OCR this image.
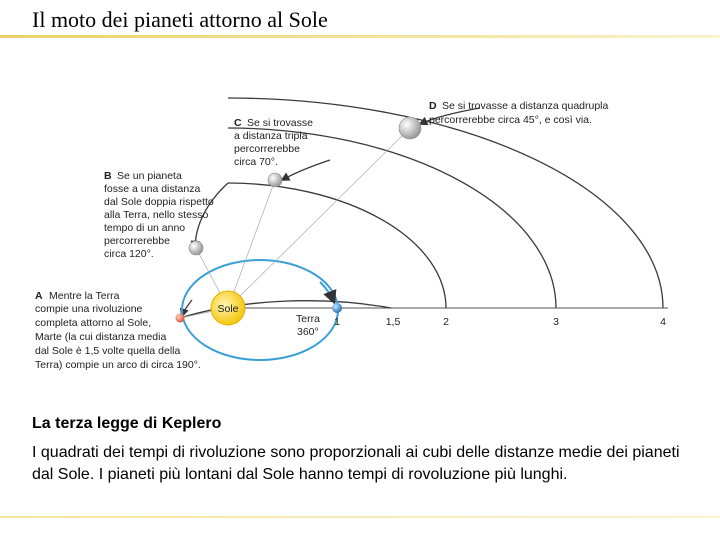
Il moto dei pianeti attorno al Sole
Sole
Terra
360°
1	1,5	2	3	4
D Se si trovasse a distanza quadrupla
percorrerebbe circa 45°, e così via.
C Se si trovasse
a distanza tripla
percorrerebbe
circa 70°.
B Se un pianeta
fosse a una distanza
dal Sole doppia rispetto
alla Terra, nello stesso
tempo di un anno
percorrerebbe
circa 120°.
A Mentre la Terra
compie una rivoluzione
completa attorno al Sole,
Marte (la cui distanza media
dal Sole è 1,5 volte quella della
Terra) compie un arco di circa 190°.
La terza legge di Keplero
I quadrati dei tempi di rivoluzione sono proporzionali ai cubi delle distanze medie dei pianeti dal Sole. I pianeti più lontani dal Sole hanno tempi di rovoluzione più lunghi.
